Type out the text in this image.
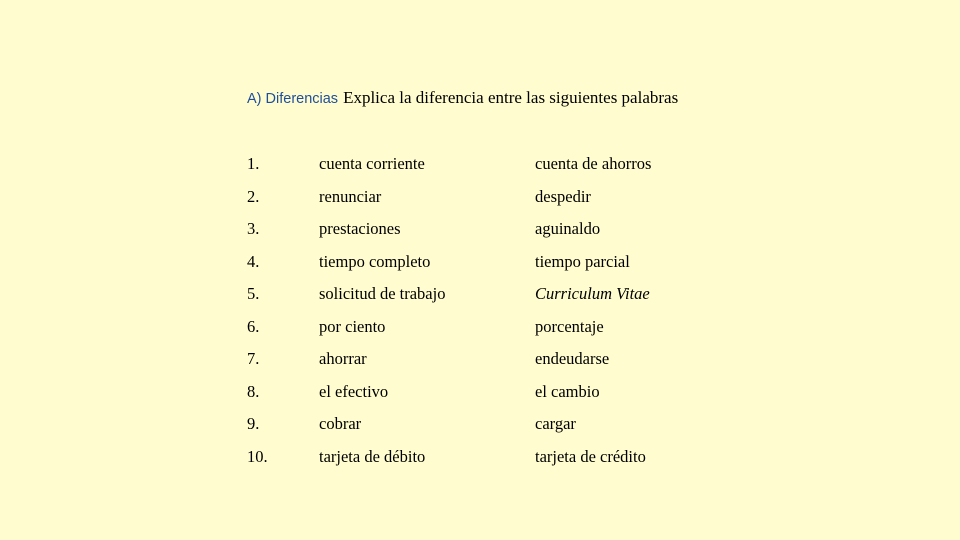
A) Diferencias Explica la diferencia entre las siguientes palabras
1.	cuenta corriente	cuenta de ahorros
2.	renunciar	despedir
3.	prestaciones	aguinaldo
4.	tiempo completo	tiempo parcial
5.	solicitud de trabajo	Curriculum Vitae
6.	por ciento	porcentaje
7.	ahorrar	endeudarse
8.	el efectivo	el cambio
9.	cobrar	cargar
10.	tarjeta de débito	tarjeta de crédito
